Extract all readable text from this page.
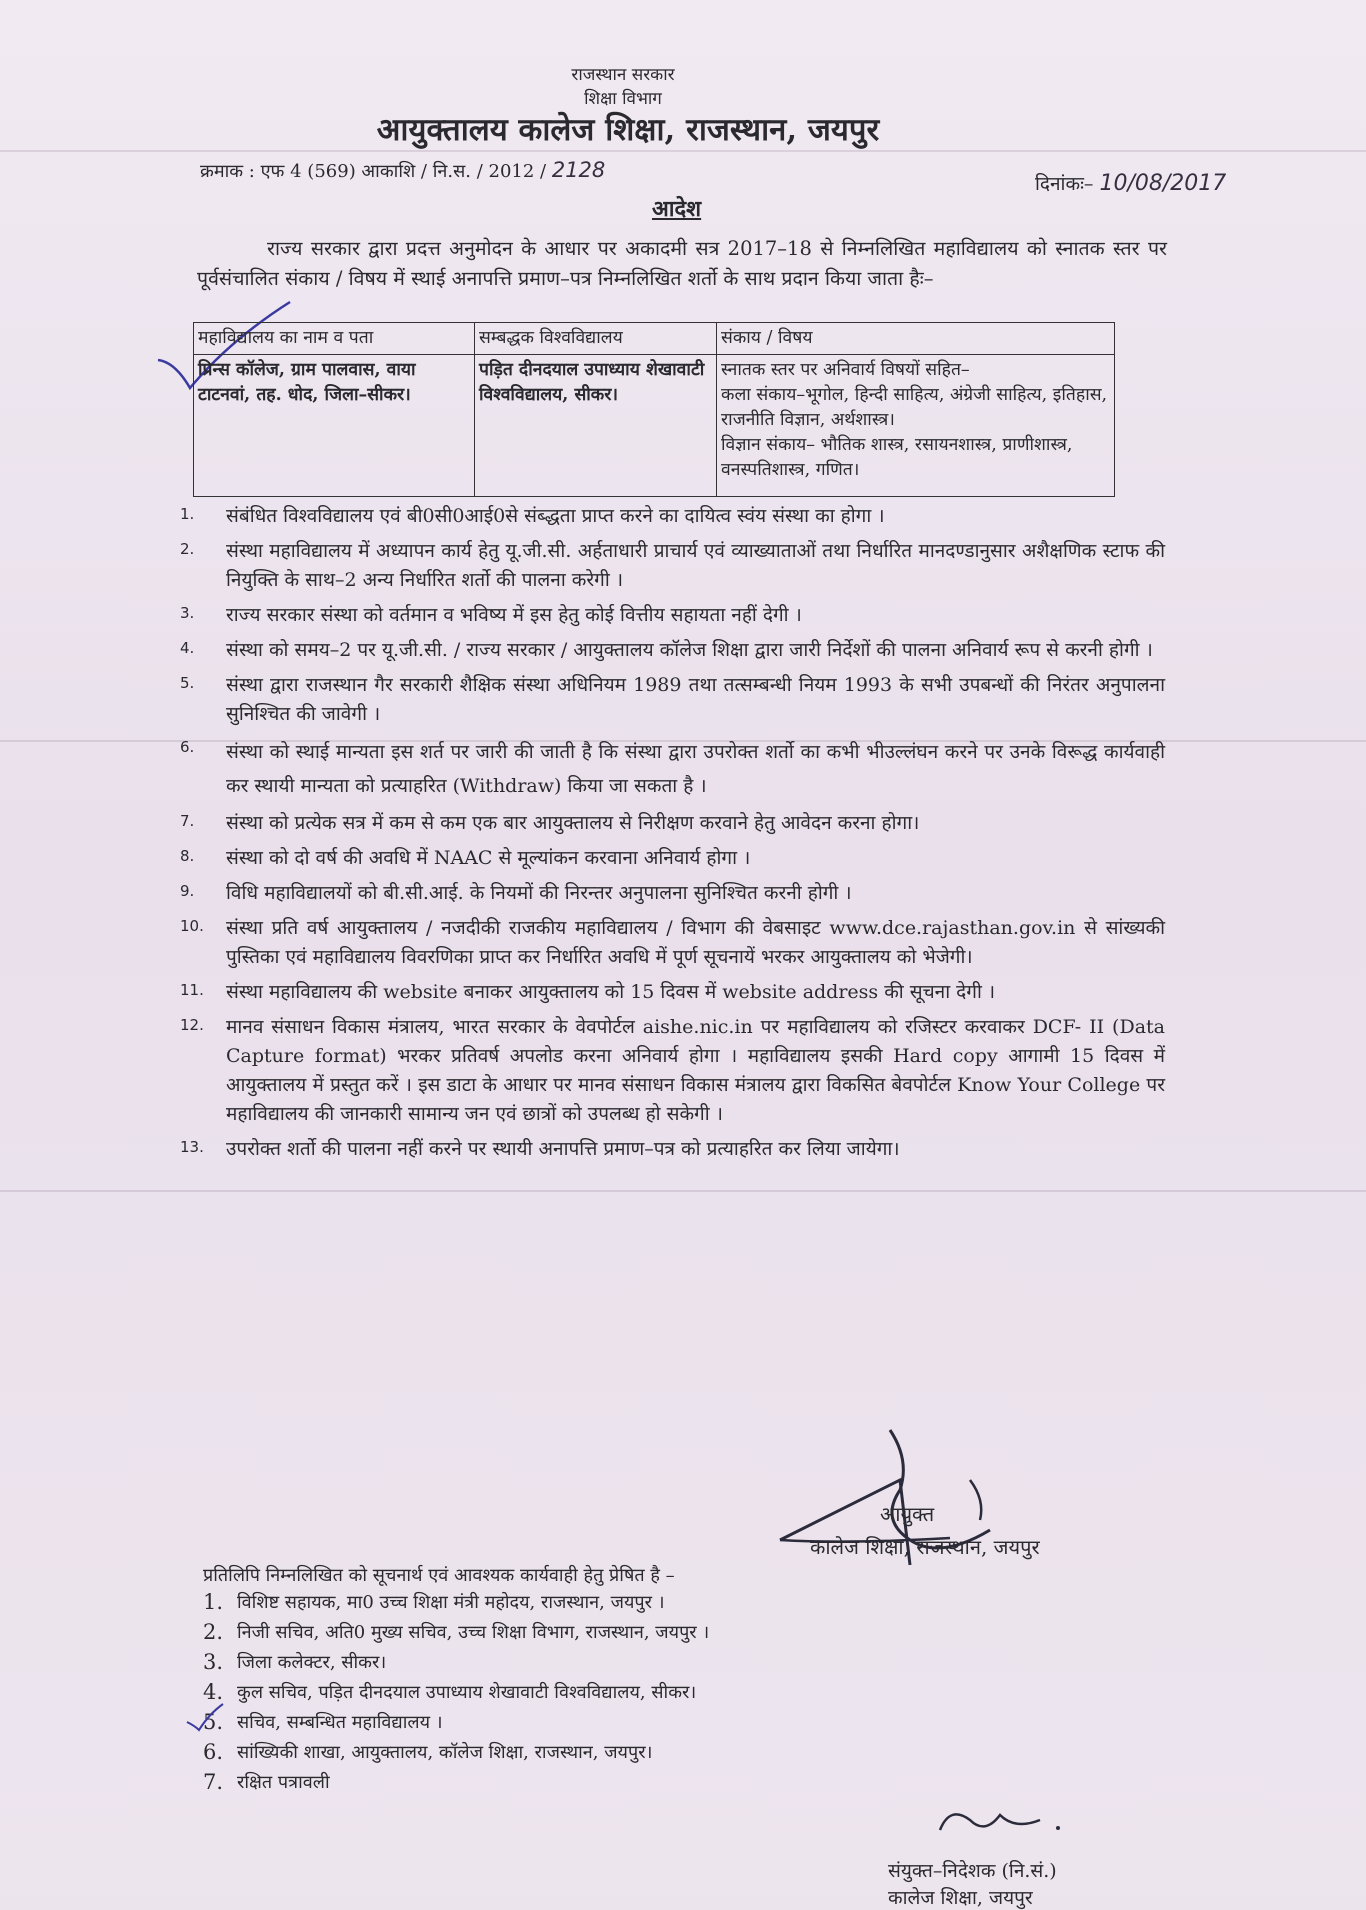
राजस्थान सरकार
शिक्षा विभाग
आयुक्तालय कालेज शिक्षा, राजस्थान, जयपुर
क्रमाक : एफ 4 (569) आकाशि / नि.स. / 2012 / 2128
दिनांकः– 10/08/2017
आदेश
राज्य सरकार द्वारा प्रदत्त अनुमोदन के आधार पर अकादमी सत्र 2017–18 से निम्नलिखित महाविद्यालय को स्नातक स्तर पर पूर्वसंचालित संकाय / विषय में स्थाई अनापत्ति प्रमाण–पत्र निम्नलिखित शर्तो के साथ प्रदान किया जाता हैः–
महाविद्यालय का नाम व पता	सम्बद्धक विश्वविद्यालय	संकाय / विषय
प्रिन्स कॉलेज, ग्राम पालवास, वाया टाटनवां, तह. धोद, जिला–सीकर।	पड़ित दीनदयाल उपाध्याय शेखावाटी विश्वविद्यालय, सीकर।	स्नातक स्तर पर अनिवार्य विषयों सहित–
कला संकाय–भूगोल, हिन्दी साहित्य, अंग्रेजी साहित्य, इतिहास, राजनीति विज्ञान, अर्थशास्त्र।
विज्ञान संकाय– भौतिक शास्त्र, रसायनशास्त्र, प्राणीशास्त्र, वनस्पतिशास्त्र, गणित।
1.	संबंधित विश्वविद्यालय एवं बी0सी0आई0से संब्द्धता प्राप्त करने का दायित्व स्वंय संस्था का होगा ।
2.	संस्था महाविद्यालय में अध्यापन कार्य हेतु यू.जी.सी. अर्हताधारी प्राचार्य एवं व्याख्याताओं तथा निर्धारित मानदण्डानुसार अशैक्षणिक स्टाफ की नियुक्ति के साथ–2 अन्य निर्धारित शर्तो की पालना करेगी ।
3.	राज्य सरकार संस्था को वर्तमान व भविष्य में इस हेतु कोई वित्तीय सहायता नहीं देगी ।
4.	संस्था को समय–2 पर यू.जी.सी. / राज्य सरकार / आयुक्तालय कॉलेज शिक्षा द्वारा जारी निर्देशों की पालना अनिवार्य रूप से करनी होगी ।
5.	संस्था द्वारा राजस्थान गैर सरकारी शैक्षिक संस्था अधिनियम 1989 तथा तत्सम्बन्धी नियम 1993 के सभी उपबन्धों की निरंतर अनुपालना सुनिश्चित की जावेगी ।
6.	संस्था को स्थाई मान्यता इस शर्त पर जारी की जाती है कि संस्था द्वारा उपरोक्त शर्तो का कभी भीउल्लंघन करने पर उनके विरूद्ध कार्यवाही कर स्थायी मान्यता को प्रत्याहरित (Withdraw) किया जा सकता है ।
7.	संस्था को प्रत्येक सत्र में कम से कम एक बार आयुक्तालय से निरीक्षण करवाने हेतु आवेदन करना होगा।
8.	संस्था को दो वर्ष की अवधि में NAAC से मूल्यांकन करवाना अनिवार्य होगा ।
9.	विधि महाविद्यालयों को बी.सी.आई. के नियमों की निरन्तर अनुपालना सुनिश्चित करनी होगी ।
10.	संस्था प्रति वर्ष आयुक्तालय / नजदीकी राजकीय महाविद्यालय / विभाग की वेबसाइट www.dce.rajasthan.gov.in से सांख्यकी पुस्तिका एवं महाविद्यालय विवरणिका प्राप्त कर निर्धारित अवधि में पूर्ण सूचनायें भरकर आयुक्तालय को भेजेगी।
11.	संस्था महाविद्यालय की website बनाकर आयुक्तालय को 15 दिवस में website address की सूचना देगी ।
12.	मानव संसाधन विकास मंत्रालय, भारत सरकार के वेवपोर्टल aishe.nic.in पर महाविद्यालय को रजिस्टर करवाकर DCF- II (Data Capture format) भरकर प्रतिवर्ष अपलोड करना अनिवार्य होगा । महाविद्यालय इसकी Hard copy आगामी 15 दिवस में आयुक्तालय में प्रस्तुत करें । इस डाटा के आधार पर मानव संसाधन विकास मंत्रालय द्वारा विकसित बेवपोर्टल Know Your College पर महाविद्यालय की जानकारी सामान्य जन एवं छात्रों को उपलब्ध हो सकेगी ।
13.	उपरोक्त शर्तो की पालना नहीं करने पर स्थायी अनापत्ति प्रमाण–पत्र को प्रत्याहरित कर लिया जायेगा।
आयुक्त
कालेज शिक्षा, राजस्थान, जयपुर
प्रतिलिपि निम्नलिखित को सूचनार्थ एवं आवश्यक कार्यवाही हेतु प्रेषित है –
1. विशिष्ट सहायक, मा0 उच्च शिक्षा मंत्री महोदय, राजस्थान, जयपुर ।
2. निजी सचिव, अति0 मुख्य सचिव, उच्च शिक्षा विभाग, राजस्थान, जयपुर ।
3. जिला कलेक्टर, सीकर।
4. कुल सचिव, पड़ित दीनदयाल उपाध्याय शेखावाटी विश्वविद्यालय, सीकर।
5. सचिव, सम्बन्धित महाविद्यालय ।
6. सांख्यिकी शाखा, आयुक्तालय, कॉलेज शिक्षा, राजस्थान, जयपुर।
7. रक्षित पत्रावली
संयुक्त–निदेशक (नि.सं.)
कालेज शिक्षा, जयपुर
